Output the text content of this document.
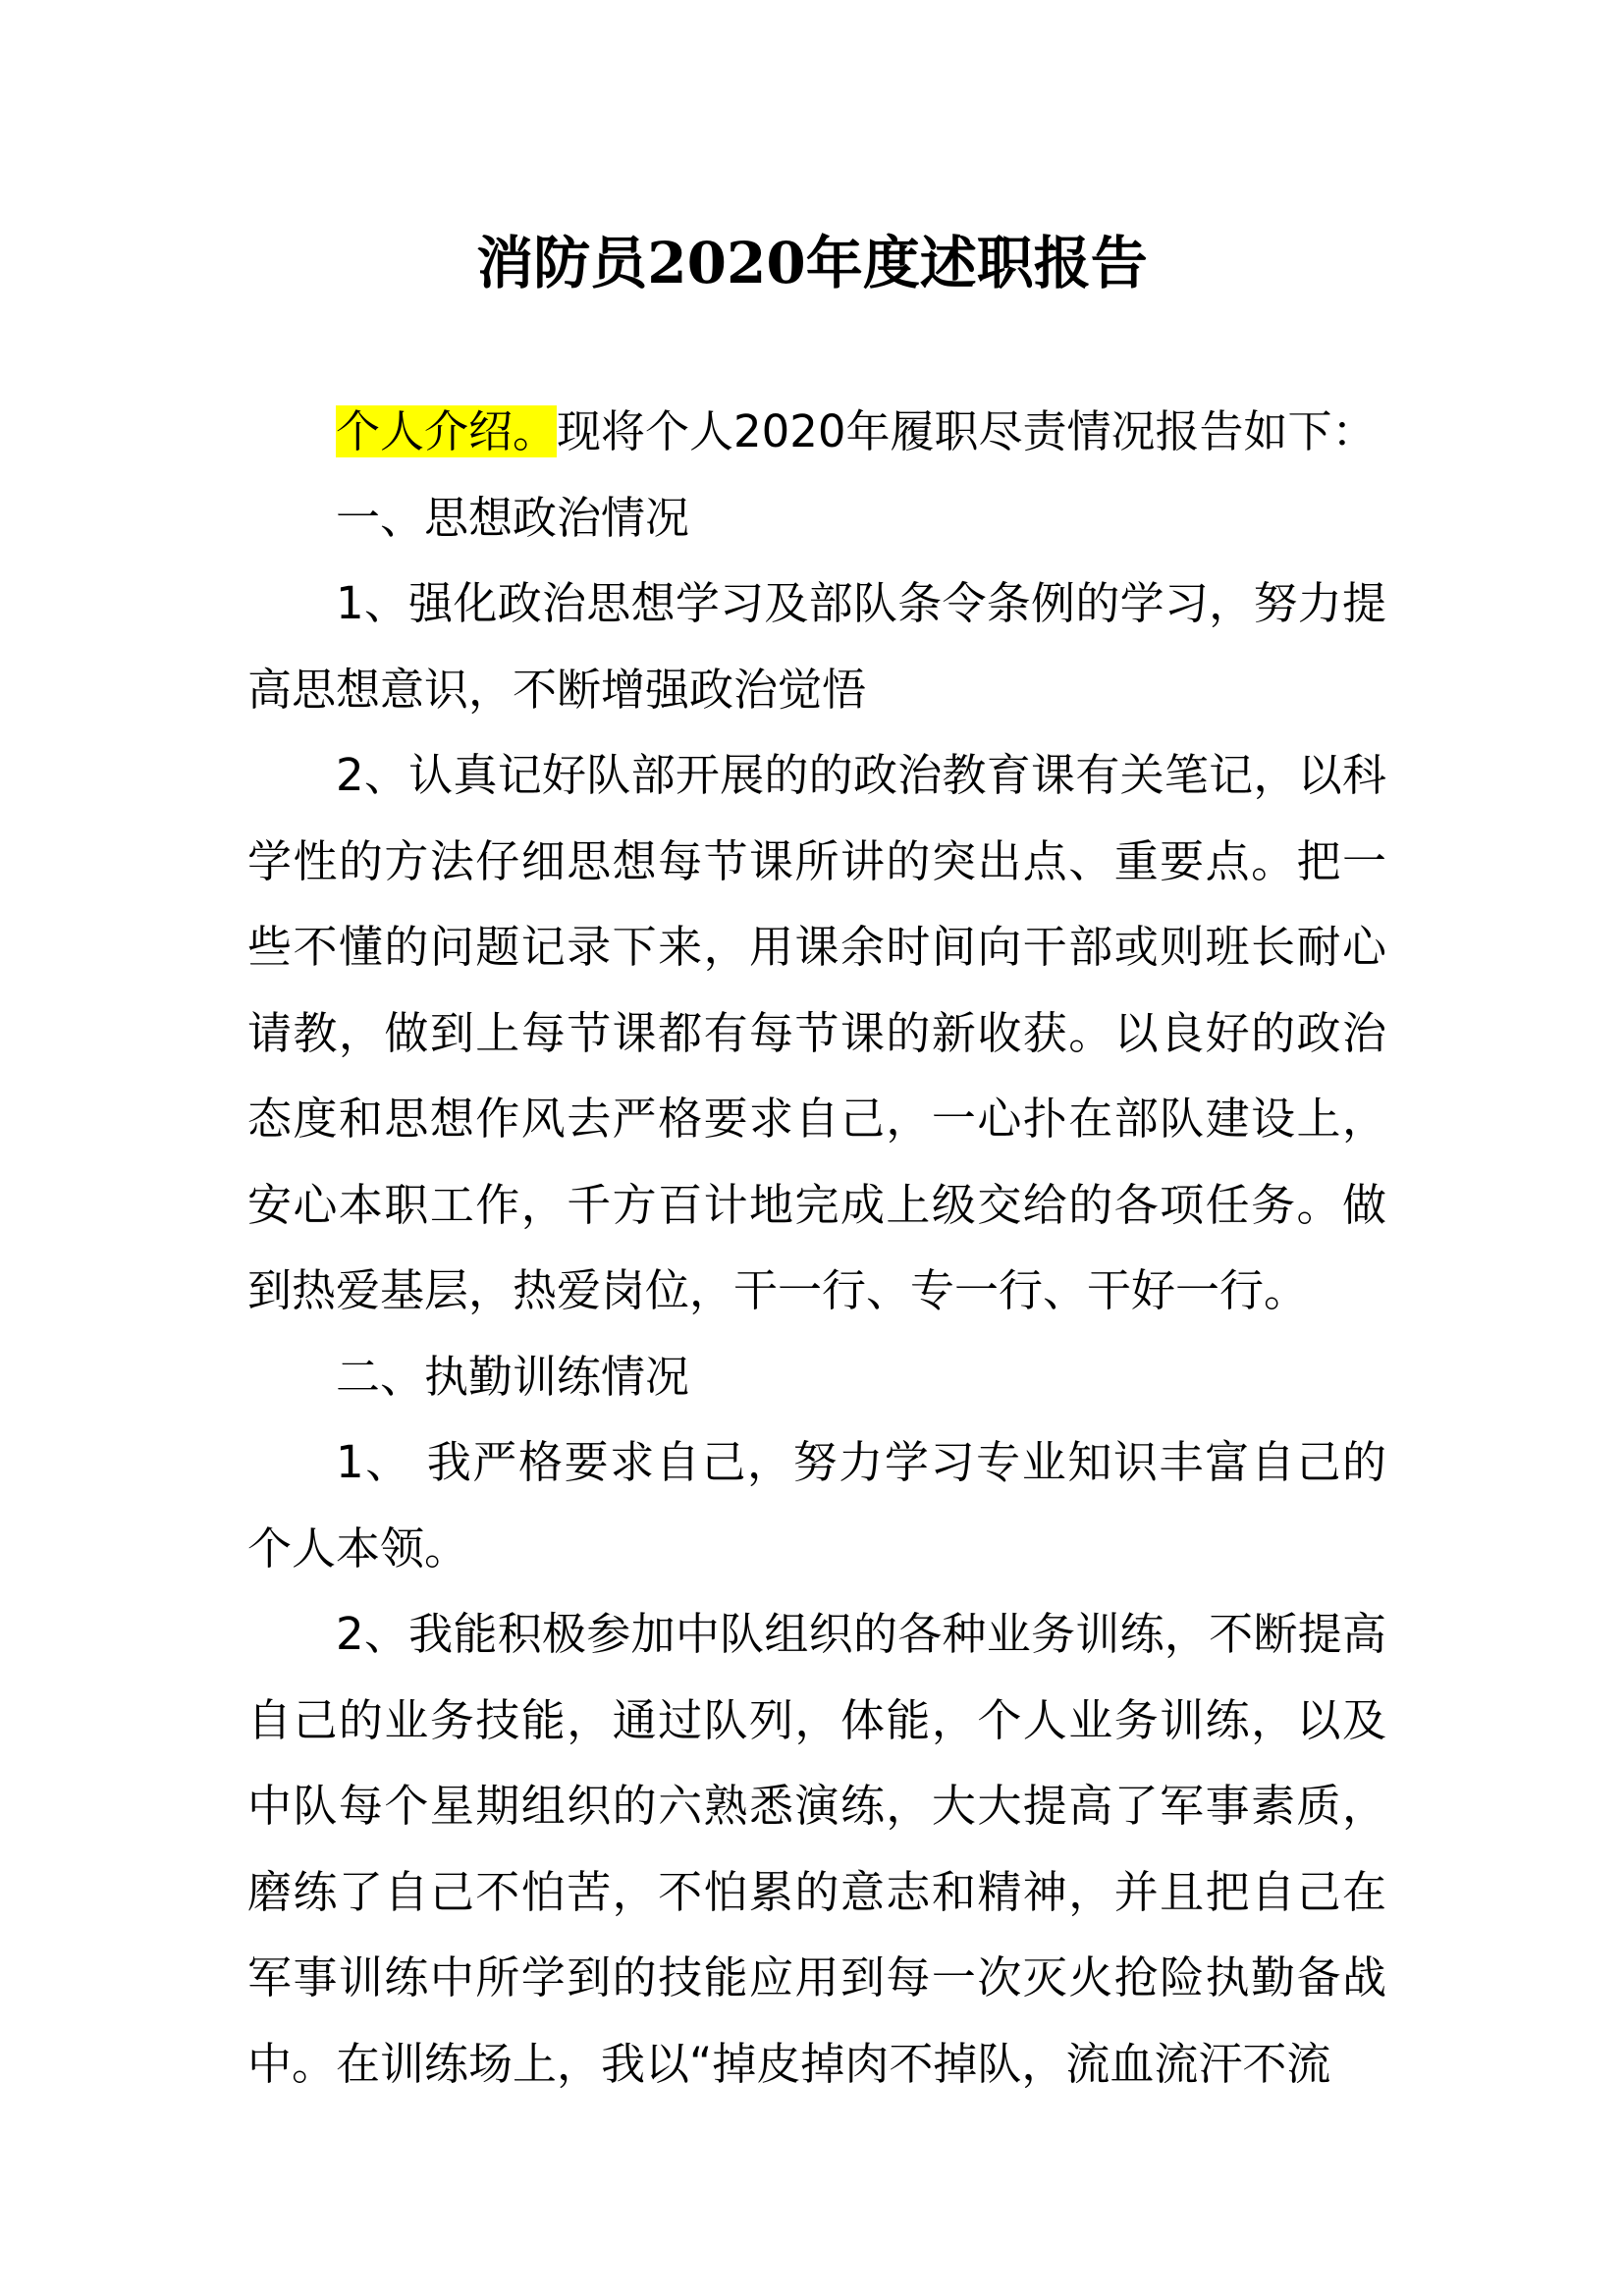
消防员2020年度述职报告

个人介绍。现将个人2020年履职尽责情况报告如下：

一、思想政治情况

1、强化政治思想学习及部队条令条例的学习，努力提高思想意识，不断增强政治觉悟

2、认真记好队部开展的的政治教育课有关笔记，以科学性的方法仔细思想每节课所讲的突出点、重要点。把一些不懂的问题记录下来，用课余时间向干部或则班长耐心请教，做到上每节课都有每节课的新收获。以良好的政治态度和思想作风去严格要求自己，一心扑在部队建设上，安心本职工作，千方百计地完成上级交给的各项任务。做到热爱基层，热爱岗位，干一行、专一行、干好一行。

二、执勤训练情况

1、 我严格要求自己，努力学习专业知识丰富自己的个人本领。

2、我能积极参加中队组织的各种业务训练，不断提高自己的业务技能，通过队列，体能，个人业务训练，以及中队每个星期组织的六熟悉演练，大大提高了军事素质，磨练了自己不怕苦，不怕累的意志和精神，并且把自己在军事训练中所学到的技能应用到每一次灭火抢险执勤备战中。在训练场上，我以“掉皮掉肉不掉队，流血流汗不流
